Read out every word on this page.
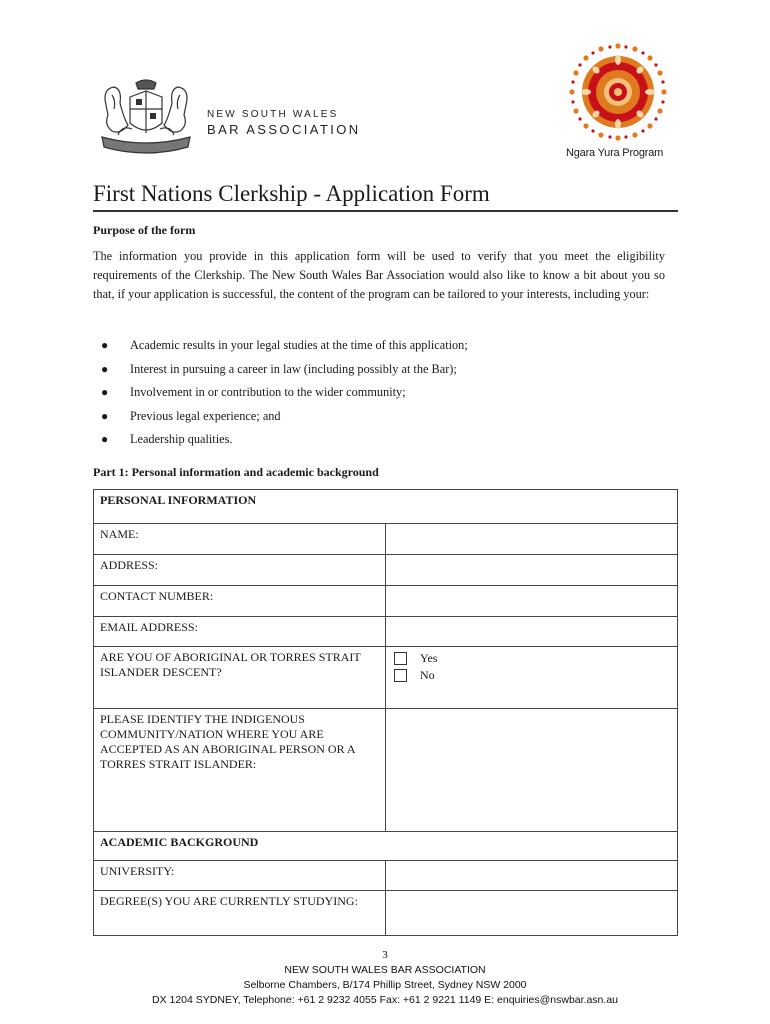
NEW SOUTH WALES
BAR ASSOCIATION
Ngara Yura Program
First Nations Clerkship - Application Form
Purpose of the form
The information you provide in this application form will be used to verify that you meet the eligibility requirements of the Clerkship. The New South Wales Bar Association would also like to know a bit about you so that, if your application is successful, the content of the program can be tailored to your interests, including your:
● Academic results in your legal studies at the time of this application;
● Interest in pursuing a career in law (including possibly at the Bar);
● Involvement in or contribution to the wider community;
● Previous legal experience; and
● Leadership qualities.
Part 1: Personal information and academic background
PERSONAL INFORMATION	
NAME:	
ADDRESS:	
CONTACT NUMBER:	
EMAIL ADDRESS:	
ARE YOU OF ABORIGINAL OR TORRES STRAIT ISLANDER DESCENT?	Yes
No

PLEASE IDENTIFY THE INDIGENOUS COMMUNITY/NATION WHERE YOU ARE ACCEPTED AS AN ABORIGINAL PERSON OR A TORRES STRAIT ISLANDER:	
ACADEMIC BACKGROUND	
UNIVERSITY:	
DEGREE(S) YOU ARE CURRENTLY STUDYING:	
3
NEW SOUTH WALES BAR ASSOCIATION
Selborne Chambers, B/174 Phillip Street, Sydney NSW 2000
DX 1204 SYDNEY, Telephone: +61 2 9232 4055 Fax: +61 2 9221 1149 E: enquiries@nswbar.asn.au
